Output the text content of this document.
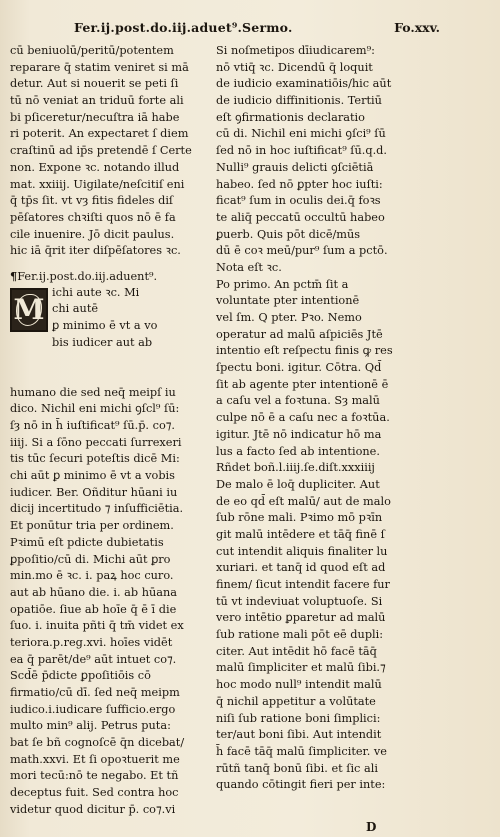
Fer.ij.post.do.iij.aduet⁹.Sermo.	Fo.xxv.
cū beniuolū/peritū/potentem
reparare q̄ statim veniret si mā
detur. Aut si nouerit se peti ſi
tū nō veniat an triduū forte ali
bi pſiceretur/necuſtra iā habe
ri poterit. An expectaret ſ diem
craſtinū ad ip̄s pretendē ſ Certe
non. Expone ꝛc. notando illud
mat. xxiiij. Uigilate/neſcitiſ eni
q̄ tp̄s ſit. vt vȝ fitis fideles diſ
pēſatores chꝛiſti quos nō ē fa
cile inuenire. Jō dicit paulus.
hic iā q̄rit iter diſpēſatores ꝛc.
¶Fer.ij.post.do.iij.aduent⁹.
M
ichi aute ꝛc. Mi
chi autē
ꝑ minimo ē vt a vo
bis iudicer aut ab
humano die sed neq̄ meipſ iu
dico. Nichil eni michi ꝯſcl⁹ ſū:
ſȝ nō in h̄ iuſtificat⁹ ſū.p̄. co⁊.
iiij. Si a ſōno peccati ſurrexeri
tis tūc ſecuri poteſtis dicē Mi:
chi aūt ꝑ minimo ē vt a vobis
iudicer. Ber. Oñditur hūani iu
dicij incertitudo ⁊ inſufficiētia.
Et ponūtur tria per ordinem.
Pꝛimū eſt pdicte dubietatis
ꝑpoſitio/cū di. Michi aūt ꝑro
min.mo ē ꝛc. i. paꝝ hoc curo.
aut ab hūano die. i. ab hūana
opatiōe. ſiue ab hoīe q̄ ē ī die
ſuo. i. inuita pñti q̄ tm̄ videt ex
teriora.p.reg.xvi. hoīes vidēt
ea q̄ parēt/de⁹ aūt intuet co⁊.
Scd̄ē p̄dicte ꝑpoſitiōis cō
firmatio/cū dī. ſed neq̄ meipm
iudico.i.iudicare ſufficio.ergo
multo min⁹ alij. Petrus puta:
bat ſe bñ cognoſcē q̄n dicebat/
math.xxvi. Et ſi opoꝛtuerit me
mori tecū:nō te negabo. Et tñ
deceptus fuit. Sed contra hoc
videtur quod dicitur p̄. co⁊.vi
Si noſmetipos dīiudicarem⁹:
nō vtiq̄ ꝛc. Dicendū q̄ loquit
de iudicio examinatiōis/hic aūt
de iudicio diffinitionis. Tertiū
eſt ꝯfirmationis declaratio
cū di. Nichil eni michi ꝯſci⁹ ſū
ſed nō in hoc iuſtificat⁹ ſū.q.d.
Nulli⁹ grauis delicti ꝯſciētiā
habeo. ſed nō ꝑpter hoc iuſti:
ficat⁹ ſum in oculis dei.q̄ foꝛs
te aliq̄ peccatū occultū habeo
ꝑuerb. Quis pōt dicē/mūs
dū ē coꝛ meū/pur⁹ ſum a pctō.
Nota eſt ꝛc.
Po primo. An pctm̄ ſit a
voluntate pter intentionē
vel ſm. Q pter. Pꝛo. Nemo
operatur ad malū aſpiciēs Jtē
intentio eſt reſpectu finis ꝙ res
ſpectu boni. igitur. Cōtra. Qd̄
ſit ab agente pter intentionē ē
a caſu vel a foꝛtuna. Sȝ malū
culpe nō ē a caſu nec a foꝛtūa.
igitur. Jtē nō indicatur hō ma
lus a facto ſed ab intentione.
Rñdet boñ.l.iiij.ſe.diſt.xxxiiij
De malo ē loq̄ dupliciter. Aut
de eo qd̄ eſt malū/ aut de malo
ſub rōne mali. Pꝛimo mō pꝛīn
git malū intēdere et tāq̄ finē ſ
cut intendit aliquis finaliter lu
xuriari. et tanq̄ id quod eſt ad
finem/ ſicut intendit facere fur
tū vt indeviuat voluptuoſe. Si
vero intētio ꝑparetur ad malū
ſub ratione mali pōt eē dupli:
citer. Aut intēdit hō facē tāq̄
malū ſimpliciter et malū ſibi.⁊
hoc modo null⁹ intendit malū
q̄ nichil appetitur a volūtate
niſi ſub ratione boni ſimplici:
ter/aut boni ſibi. Aut intendit
h̄ facē tāq̄ malū ſimpliciter. ve
rūtñ tanq̄ bonū ſibi. et ſic ali
quando cōtingit fieri per inte:
D
